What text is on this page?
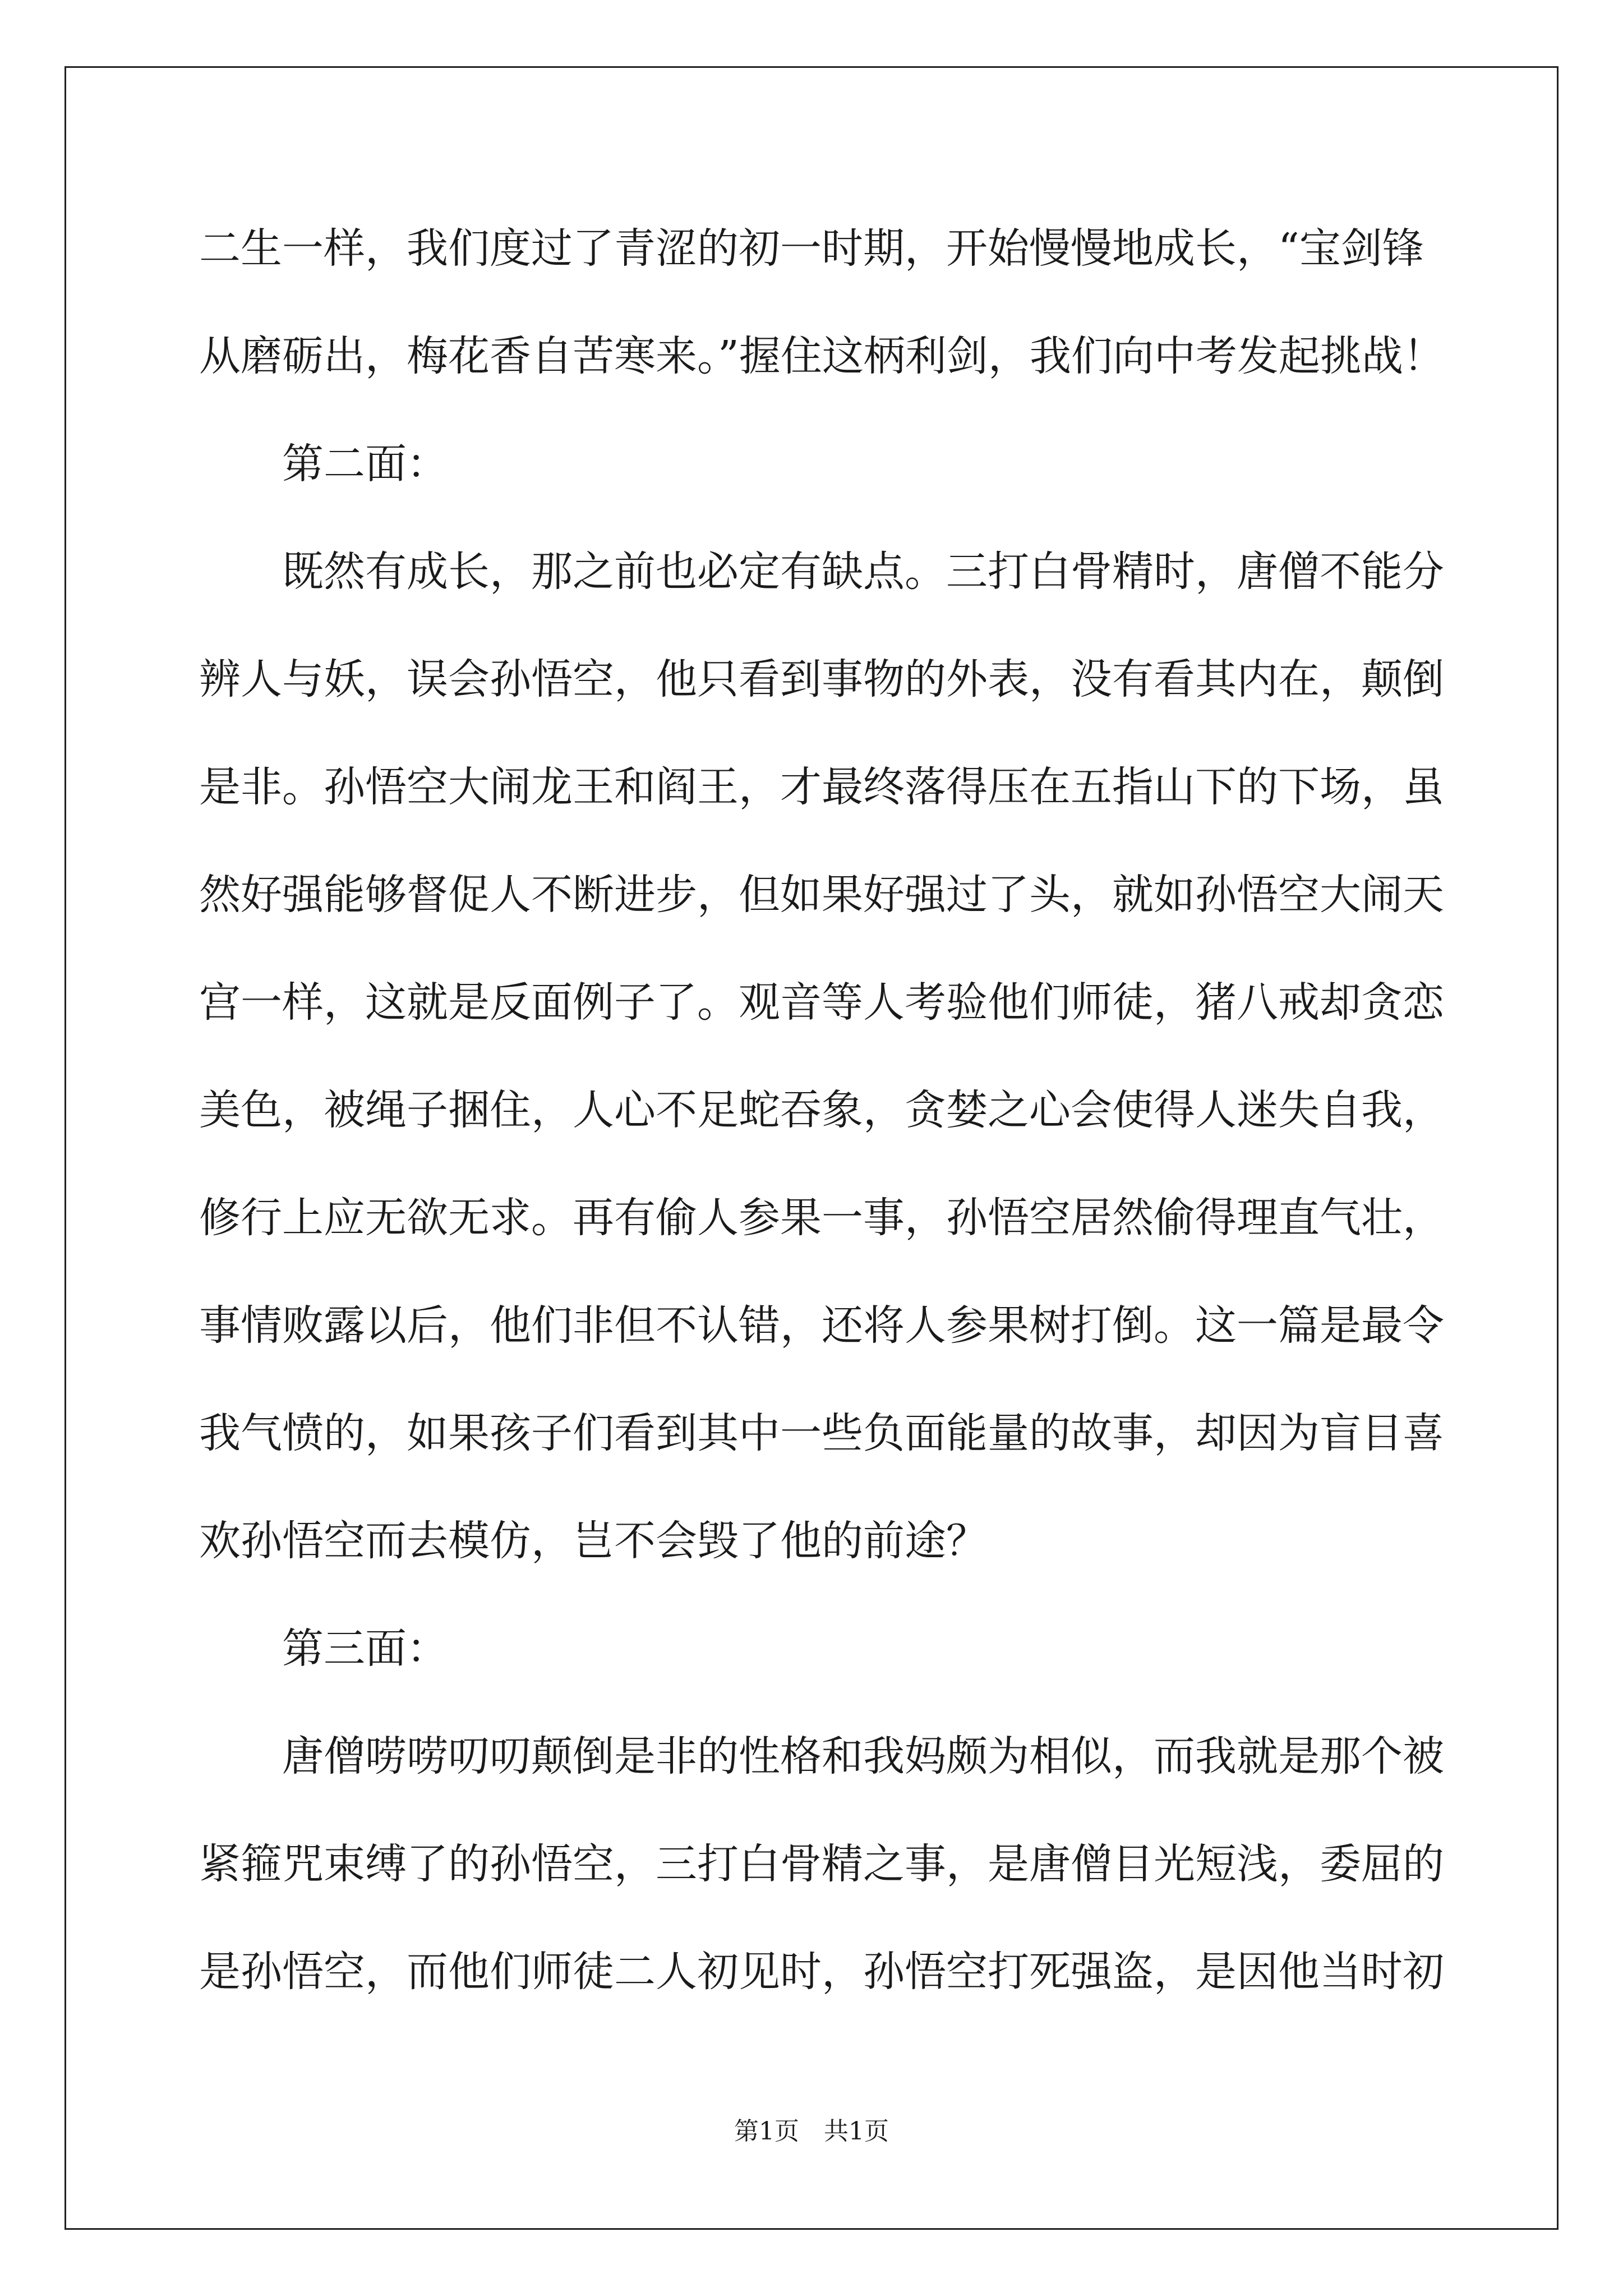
二生一样，我们度过了青涩的初一时期，开始慢慢地成长，“宝剑锋
从磨砺出，梅花香自苦寒来。”握住这柄利剑，我们向中考发起挑战！
　　第二面：
　　既然有成长，那之前也必定有缺点。三打白骨精时，唐僧不能分
辨人与妖，误会孙悟空，他只看到事物的外表，没有看其内在，颠倒
是非。孙悟空大闹龙王和阎王，才最终落得压在五指山下的下场，虽
然好强能够督促人不断进步，但如果好强过了头，就如孙悟空大闹天
宫一样，这就是反面例子了。观音等人考验他们师徒，猪八戒却贪恋
美色，被绳子捆住，人心不足蛇吞象，贪婪之心会使得人迷失自我，
修行上应无欲无求。再有偷人参果一事，孙悟空居然偷得理直气壮，
事情败露以后，他们非但不认错，还将人参果树打倒。这一篇是最令
我气愤的，如果孩子们看到其中一些负面能量的故事，却因为盲目喜
欢孙悟空而去模仿，岂不会毁了他的前途？
　　第三面：
　　唐僧唠唠叨叨颠倒是非的性格和我妈颇为相似，而我就是那个被
紧箍咒束缚了的孙悟空，三打白骨精之事，是唐僧目光短浅，委屈的
是孙悟空，而他们师徒二人初见时，孙悟空打死强盗，是因他当时初
第1页　共1页
